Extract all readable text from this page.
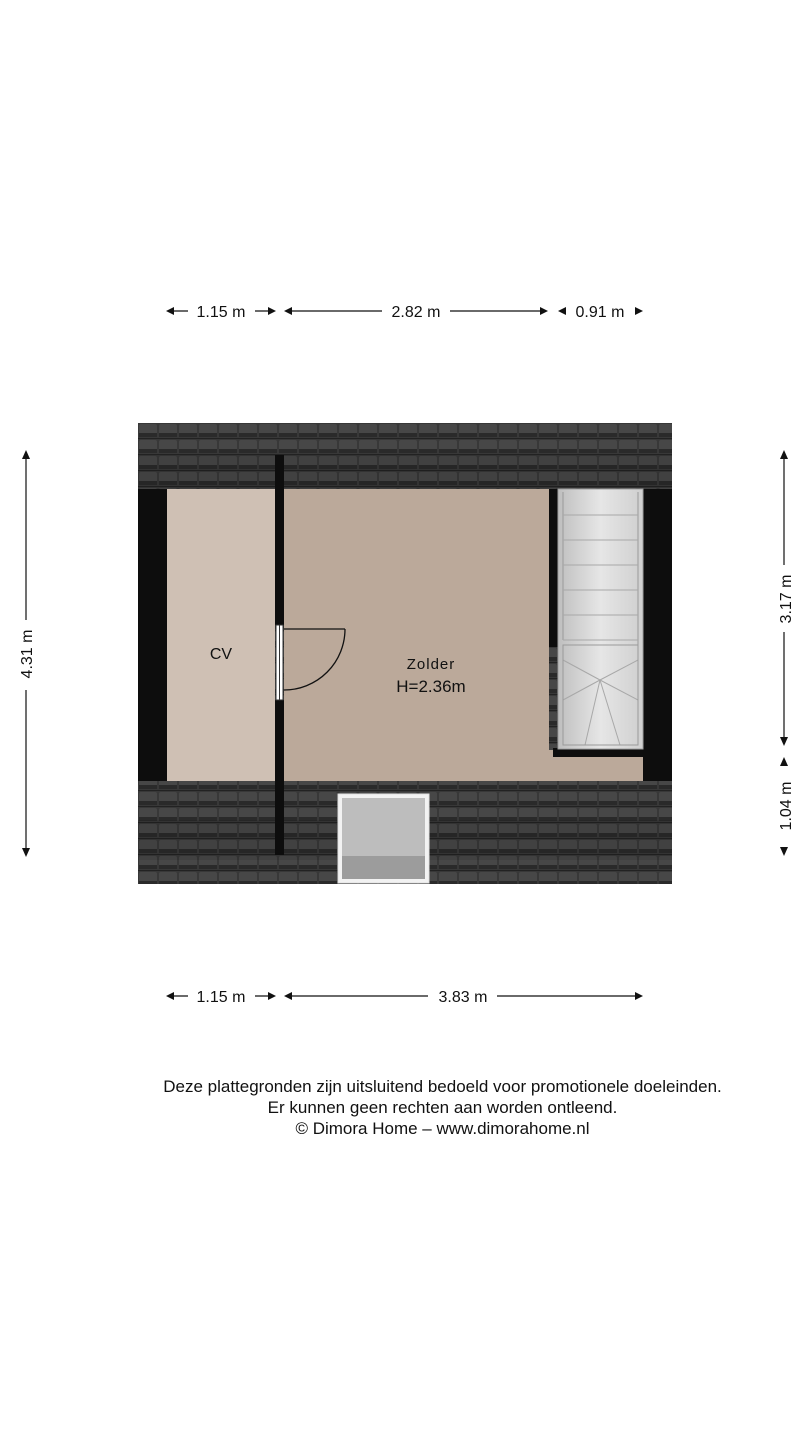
1.15 m	2.82 m	0.91 m
4.31 m
3.17 m
1.04 m
CV
Zolder
H=2.36m
1.15 m	3.83 m
Deze plattegronden zijn uitsluitend bedoeld voor promotionele doeleinden.
Er kunnen geen rechten aan worden ontleend.
© Dimora Home – www.dimorahome.nl
